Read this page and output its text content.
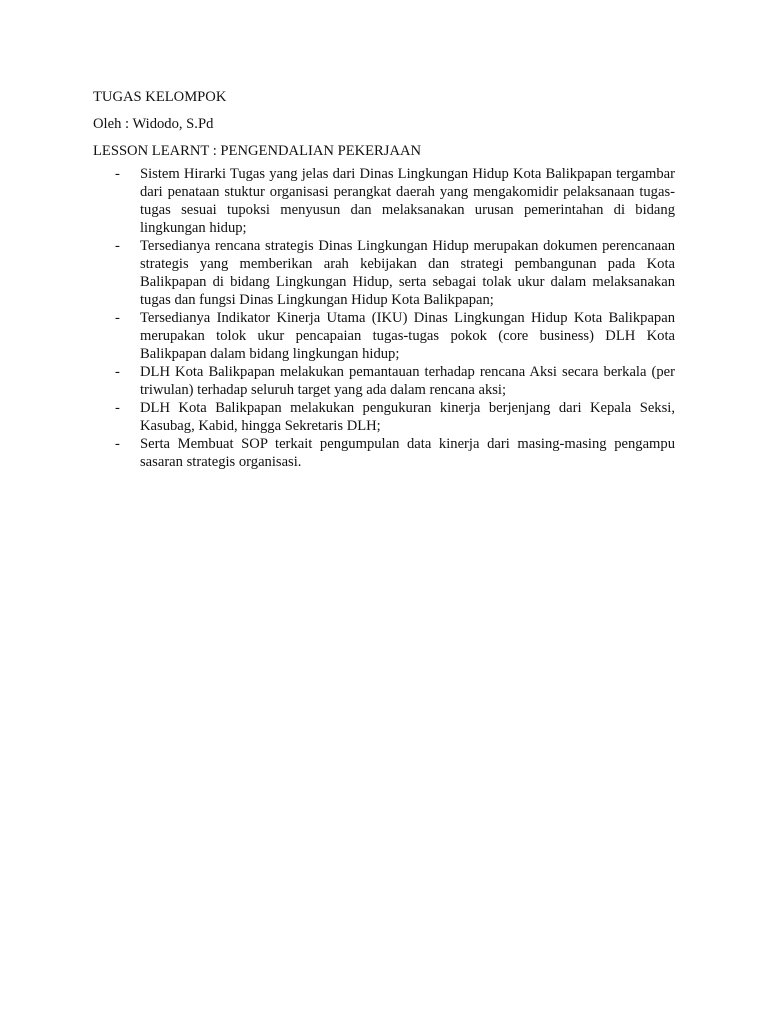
TUGAS KELOMPOK

Oleh : Widodo, S.Pd

LESSON LEARNT : PENGENDALIAN PEKERJAAN

- Sistem Hirarki Tugas yang jelas dari Dinas Lingkungan Hidup Kota Balikpapan tergambar dari penataan stuktur organisasi perangkat daerah yang mengakomidir pelaksanaan tugas-tugas sesuai tupoksi menyusun dan melaksanakan urusan pemerintahan di bidang lingkungan hidup;
- Tersedianya rencana strategis Dinas Lingkungan Hidup merupakan dokumen perencanaan strategis yang memberikan arah kebijakan dan strategi pembangunan pada Kota Balikpapan di bidang Lingkungan Hidup, serta sebagai tolak ukur dalam melaksanakan tugas dan fungsi Dinas Lingkungan Hidup Kota Balikpapan;
- Tersedianya Indikator Kinerja Utama (IKU) Dinas Lingkungan Hidup Kota Balikpapan merupakan tolok ukur pencapaian tugas-tugas pokok (core business) DLH Kota Balikpapan dalam bidang lingkungan hidup;
- DLH Kota Balikpapan melakukan pemantauan terhadap rencana Aksi secara berkala (per triwulan) terhadap seluruh target yang ada dalam rencana aksi;
- DLH Kota Balikpapan melakukan pengukuran kinerja berjenjang dari Kepala Seksi, Kasubag, Kabid, hingga Sekretaris DLH;
- Serta Membuat SOP terkait pengumpulan data kinerja dari masing-masing pengampu sasaran strategis organisasi.
